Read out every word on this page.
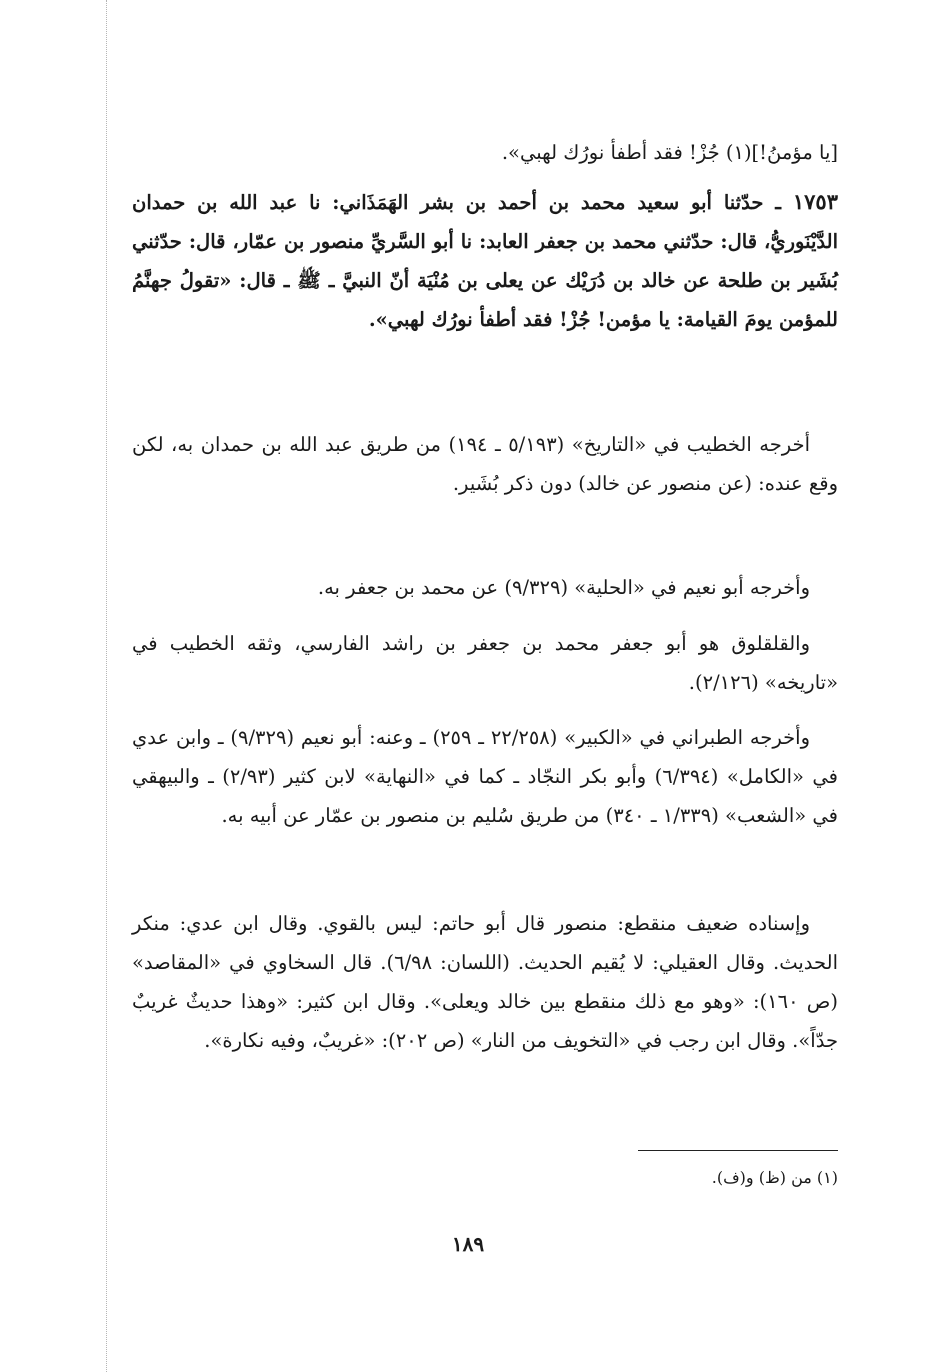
[يا مؤمنُ!](١) جُزْ! فقد أطفأ نورُك لهبي».

١٧٥٣ ـ حدّثنا أبو سعيد محمد بن أحمد بن بشر الهَمَذَاني: نا عبد الله بن حمدان الدَّيْنَوريُّ، قال: حدّثني محمد بن جعفر العابد: نا أبو السَّريِّ منصور بن عمّار، قال: حدّثني بُشَير بن طلحة عن خالد بن دُرَيْك عن يعلى بن مُنْيَة أنّ النبيَّ ـ ﷺ ـ قال: «تقولُ جهنَّمُ للمؤمن يومَ القيامة: يا مؤمن! جُزْ! فقد أطفأ نورُك لهبي».

أخرجه الخطيب في «التاريخ» (٥/١٩٣ ـ ١٩٤) من طريق عبد الله بن حمدان به، لكن وقع عنده: (عن منصور عن خالد) دون ذكر بُشَير.

وأخرجه أبو نعيم في «الحلية» (٩/٣٢٩) عن محمد بن جعفر به.

والقلقلوق هو أبو جعفر محمد بن جعفر بن راشد الفارسي، وثقه الخطيب في «تاريخه» (٢/١٢٦).

وأخرجه الطبراني في «الكبير» (٢٢/٢٥٨ ـ ٢٥٩) ـ وعنه: أبو نعيم (٩/٣٢٩) ـ وابن عدي في «الكامل» (٦/٣٩٤) وأبو بكر النجّاد ـ كما في «النهاية» لابن كثير (٢/٩٣) ـ والبيهقي في «الشعب» (١/٣٣٩ ـ ٣٤٠) من طريق سُليم بن منصور بن عمّار عن أبيه به.

وإسناده ضعيف منقطع: منصور قال أبو حاتم: ليس بالقوي. وقال ابن عدي: منكر الحديث. وقال العقيلي: لا يُقيم الحديث. (اللسان: ٦/٩٨). قال السخاوي في «المقاصد» (ص ١٦٠): «وهو مع ذلك منقطع بين خالد ويعلى». وقال ابن كثير: «وهذا حديثٌ غريبٌ جدّاً». وقال ابن رجب في «التخويف من النار» (ص ٢٠٢): «غريبٌ، وفيه نكارة».

(١) من (ظ) و(ف).
١٨٩
